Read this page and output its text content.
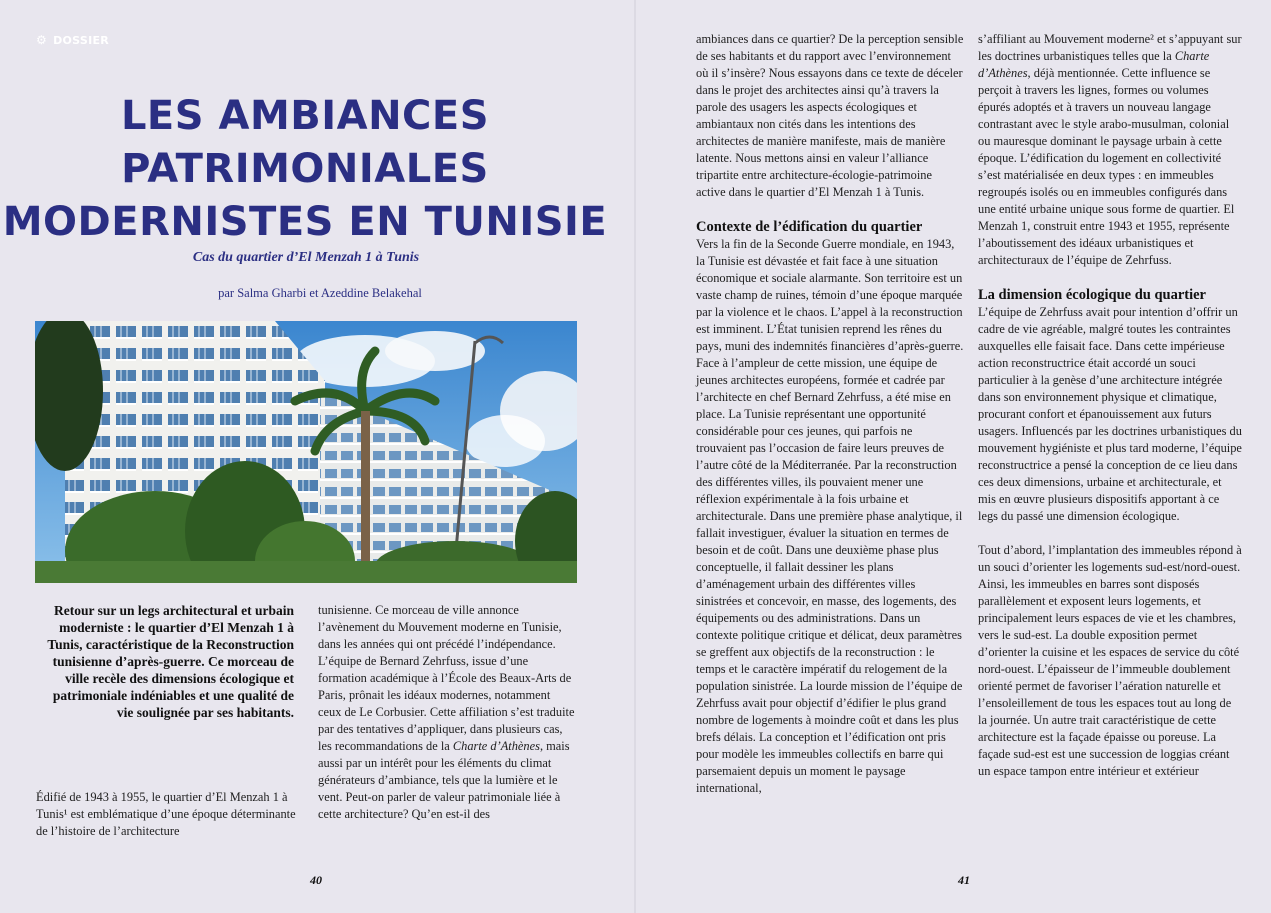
⚙ DOSSIER
LES AMBIANCES
PATRIMONIALES
MODERNISTES EN TUNISIE
Cas du quartier d’El Menzah 1 à Tunis
par Salma Gharbi et Azeddine Belakehal
Retour sur un legs architectural et urbain moderniste : le quartier d’El Menzah 1 à Tunis, caractéristique de la Reconstruction tunisienne d’après-guerre. Ce morceau de ville recèle des dimensions écologique et patrimoniale indéniables et une qualité de vie soulignée par ses habitants.

Édifié de 1943 à 1955, le quartier d’El Menzah 1 à Tunis¹ est emblématique d’une époque déterminante de l’histoire de l’architecture

tunisienne. Ce morceau de ville annonce l’avènement du Mouvement moderne en Tunisie, dans les années qui ont précédé l’indépendance. L’équipe de Bernard Zehrfuss, issue d’une formation académique à l’École des Beaux-Arts de Paris, prônait les idéaux modernes, notamment ceux de Le Corbusier. Cette affiliation s’est traduite par des tentatives d’appliquer, dans plusieurs cas, les recommandations de la Charte d’Athènes, mais aussi par un intérêt pour les éléments du climat générateurs d’ambiance, tels que la lumière et le vent. Peut-on parler de valeur patrimoniale liée à cette architecture? Qu’en est-il des

40

ambiances dans ce quartier? De la perception sensible de ses habitants et du rapport avec l’environnement où il s’insère? Nous essayons dans ce texte de déceler dans le projet des architectes ainsi qu’à travers la parole des usagers les aspects écologiques et ambiantaux non cités dans les intentions des architectes de manière manifeste, mais de manière latente. Nous mettons ainsi en valeur l’alliance tripartite entre architecture-écologie-patrimoine active dans le quartier d’El Menzah 1 à Tunis.

Contexte de l’édification du quartier

Vers la fin de la Seconde Guerre mondiale, en 1943, la Tunisie est dévastée et fait face à une situation économique et sociale alarmante. Son territoire est un vaste champ de ruines, témoin d’une époque marquée par la violence et le chaos. L’appel à la reconstruction est imminent. L’État tunisien reprend les rênes du pays, muni des indemnités financières d’après-guerre. Face à l’ampleur de cette mission, une équipe de jeunes architectes européens, formée et cadrée par l’architecte en chef Bernard Zehrfuss, a été mise en place. La Tunisie représentant une opportunité considérable pour ces jeunes, qui parfois ne trouvaient pas l’occasion de faire leurs preuves de l’autre côté de la Méditerranée. Par la reconstruction des différentes villes, ils pouvaient mener une réflexion expérimentale à la fois urbaine et architecturale. Dans une première phase analytique, il fallait investiguer, évaluer la situation en termes de besoin et de coût. Dans une deuxième phase plus conceptuelle, il fallait dessiner les plans d’aménagement urbain des différentes villes sinistrées et concevoir, en masse, des logements, des équipements ou des administrations. Dans un contexte politique critique et délicat, deux paramètres se greffent aux objectifs de la reconstruction : le temps et le caractère impératif du relogement de la population sinistrée. La lourde mission de l’équipe de Zehrfuss avait pour objectif d’édifier le plus grand nombre de logements à moindre coût et dans les plus brefs délais. La conception et l’édification ont pris pour modèle les immeubles collectifs en barre qui parsemaient depuis un moment le paysage international,

s’affiliant au Mouvement moderne² et s’appuyant sur les doctrines urbanistiques telles que la Charte d’Athènes, déjà mentionnée. Cette influence se perçoit à travers les lignes, formes ou volumes épurés adoptés et à travers un nouveau langage contrastant avec le style arabo-musulman, colonial ou mauresque dominant le paysage urbain à cette époque. L’édification du logement en collectivité s’est matérialisée en deux types : en immeubles regroupés isolés ou en immeubles configurés dans une entité urbaine unique sous forme de quartier. El Menzah 1, construit entre 1943 et 1955, représente l’aboutissement des idéaux urbanistiques et architecturaux de l’équipe de Zehrfuss.

La dimension écologique du quartier

L’équipe de Zehrfuss avait pour intention d’offrir un cadre de vie agréable, malgré toutes les contraintes auxquelles elle faisait face. Dans cette impérieuse action reconstructrice était accordé un souci particulier à la genèse d’une architecture intégrée dans son environnement physique et climatique, procurant confort et épanouissement aux futurs usagers. Influencés par les doctrines urbanistiques du mouvement hygiéniste et plus tard moderne, l’équipe reconstructrice a pensé la conception de ce lieu dans ces deux dimensions, urbaine et architecturale, et mis en œuvre plusieurs dispositifs apportant à ce legs du passé une dimension écologique.

Tout d’abord, l’implantation des immeubles répond à un souci d’orienter les logements sud-est/nord-ouest. Ainsi, les immeubles en barres sont disposés parallèlement et exposent leurs logements, et principalement leurs espaces de vie et les chambres, vers le sud-est. La double exposition permet d’orienter la cuisine et les espaces de service du côté nord-ouest. L’épaisseur de l’immeuble doublement orienté permet de favoriser l’aération naturelle et l’ensoleillement de tous les espaces tout au long de la journée. Un autre trait caractéristique de cette architecture est la façade épaisse ou poreuse. La façade sud-est est une succession de loggias créant un espace tampon entre intérieur et extérieur

41
